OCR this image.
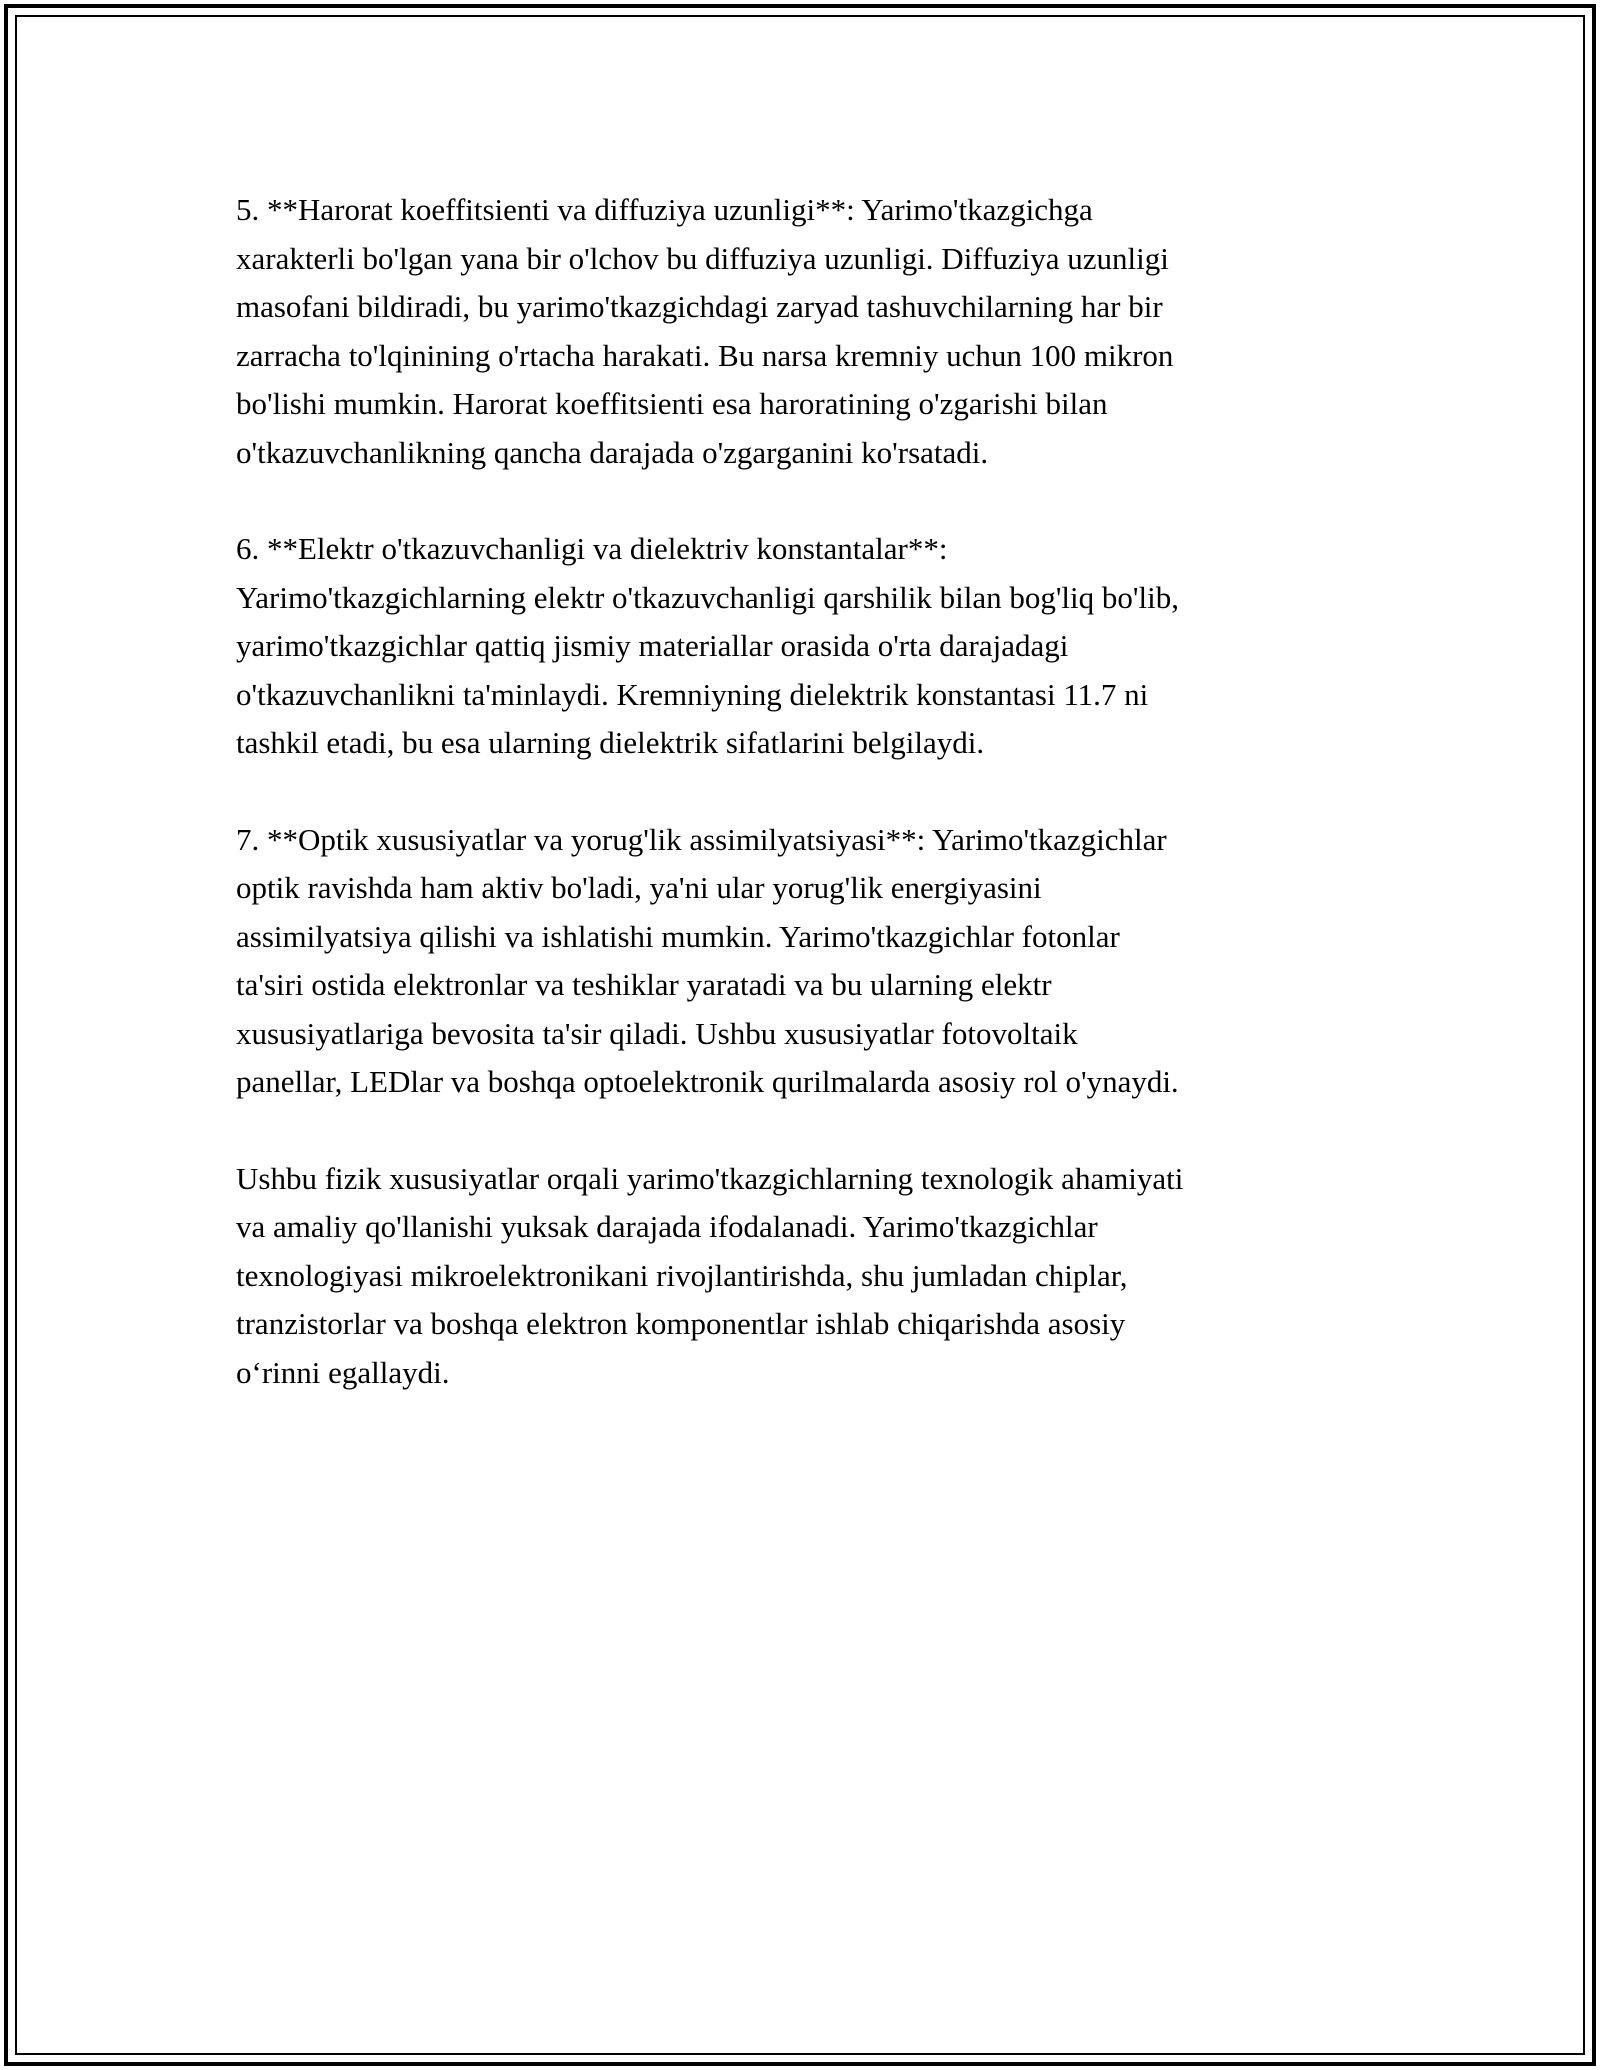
5. **Harorat koeffitsienti va diffuziya uzunligi**: Yarimo'tkazgichga
xarakterli bo'lgan yana bir o'lchov bu diffuziya uzunligi. Diffuziya uzunligi
masofani bildiradi, bu yarimo'tkazgichdagi zaryad tashuvchilarning har bir
zarracha to'lqinining o'rtacha harakati. Bu narsa kremniy uchun 100 mikron
bo'lishi mumkin. Harorat koeffitsienti esa haroratining o'zgarishi bilan
o'tkazuvchanlikning qancha darajada o'zgarganini ko'rsatadi.

6. **Elektr o'tkazuvchanligi va dielektriv konstantalar**:
Yarimo'tkazgichlarning elektr o'tkazuvchanligi qarshilik bilan bog'liq bo'lib,
yarimo'tkazgichlar qattiq jismiy materiallar orasida o'rta darajadagi
o'tkazuvchanlikni ta'minlaydi. Kremniyning dielektrik konstantasi 11.7 ni
tashkil etadi, bu esa ularning dielektrik sifatlarini belgilaydi.

7. **Optik xususiyatlar va yorug'lik assimilyatsiyasi**: Yarimo'tkazgichlar
optik ravishda ham aktiv bo'ladi, ya'ni ular yorug'lik energiyasini
assimilyatsiya qilishi va ishlatishi mumkin. Yarimo'tkazgichlar fotonlar
ta'siri ostida elektronlar va teshiklar yaratadi va bu ularning elektr
xususiyatlariga bevosita ta'sir qiladi. Ushbu xususiyatlar fotovoltaik
panellar, LEDlar va boshqa optoelektronik qurilmalarda asosiy rol o'ynaydi.

Ushbu fizik xususiyatlar orqali yarimo'tkazgichlarning texnologik ahamiyati
va amaliy qo'llanishi yuksak darajada ifodalanadi. Yarimo'tkazgichlar
texnologiyasi mikroelektronikani rivojlantirishda, shu jumladan chiplar,
tranzistorlar va boshqa elektron komponentlar ishlab chiqarishda asosiy
o‘rinni egallaydi.
